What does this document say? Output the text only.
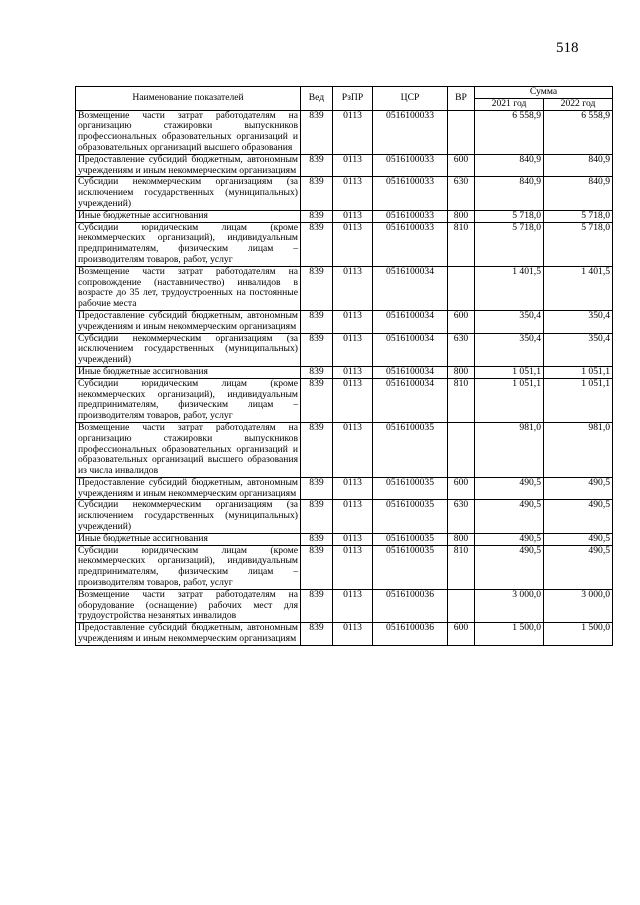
518
Наименование показателей	Вед	РзПР	ЦСР	ВР	Сумма	
					2021 год	2022 год
Возмещение части затрат работодателям на организацию стажировки выпускников профессиональных образовательных организаций и образовательных организаций высшего образования	839	0113	0516100033		6 558,9	6 558,9
Предоставление субсидий бюджетным, автономным учреждениям и иным некоммерческим организациям	839	0113	0516100033	600	840,9	840,9
Субсидии некоммерческим организациям (за исключением государственных (муниципальных) учреждений)	839	0113	0516100033	630	840,9	840,9
Иные бюджетные ассигнования	839	0113	0516100033	800	5 718,0	5 718,0
Субсидии юридическим лицам (кроме некоммерческих организаций), индивидуальным предпринимателям, физическим лицам – производителям товаров, работ, услуг	839	0113	0516100033	810	5 718,0	5 718,0
Возмещение части затрат работодателям на сопровождение (наставничество) инвалидов в возрасте до 35 лет, трудоустроенных на постоянные рабочие места	839	0113	0516100034		1 401,5	1 401,5
Предоставление субсидий бюджетным, автономным учреждениям и иным некоммерческим организациям	839	0113	0516100034	600	350,4	350,4
Субсидии некоммерческим организациям (за исключением государственных (муниципальных) учреждений)	839	0113	0516100034	630	350,4	350,4
Иные бюджетные ассигнования	839	0113	0516100034	800	1 051,1	1 051,1
Субсидии юридическим лицам (кроме некоммерческих организаций), индивидуальным предпринимателям, физическим лицам – производителям товаров, работ, услуг	839	0113	0516100034	810	1 051,1	1 051,1
Возмещение части затрат работодателям на организацию стажировки выпускников профессиональных образовательных организаций и образовательных организаций высшего образования из числа инвалидов	839	0113	0516100035		981,0	981,0
Предоставление субсидий бюджетным, автономным учреждениям и иным некоммерческим организациям	839	0113	0516100035	600	490,5	490,5
Субсидии некоммерческим организациям (за исключением государственных (муниципальных) учреждений)	839	0113	0516100035	630	490,5	490,5
Иные бюджетные ассигнования	839	0113	0516100035	800	490,5	490,5
Субсидии юридическим лицам (кроме некоммерческих организаций), индивидуальным предпринимателям, физическим лицам – производителям товаров, работ, услуг	839	0113	0516100035	810	490,5	490,5
Возмещение части затрат работодателям на оборудование (оснащение) рабочих мест для трудоустройства незанятых инвалидов	839	0113	0516100036		3 000,0	3 000,0
Предоставление субсидий бюджетным, автономным учреждениям и иным некоммерческим организациям	839	0113	0516100036	600	1 500,0	1 500,0
